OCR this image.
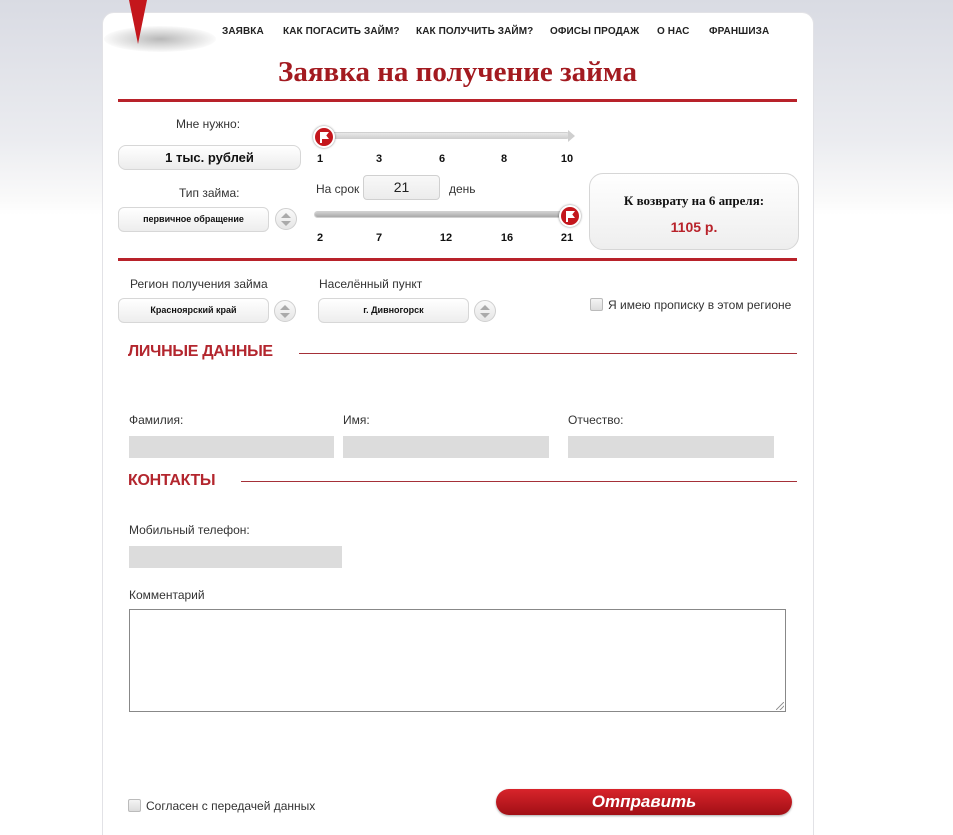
ЗАЯВКА КАК ПОГАСИТЬ ЗАЙМ? КАК ПОЛУЧИТЬ ЗАЙМ? ОФИСЫ ПРОДАЖ О НАС ФРАНШИЗА
Заявка на получение займа
Мне нужно:
1 тыс. рублей	1	3	6	8	10
Тип займа:
первичное обращение
На срок	21	день
2	7	12	16	21
К возврату на 6 апреля:
1105 р.
Регион получения займа
Красноярский край
Населённый пункт
г. Дивногорск	Я имею прописку в этом регионе
ЛИЧНЫЕ ДАННЫЕ
Фамилия:	Имя:	Отчество:
КОНТАКТЫ
Мобильный телефон:
Комментарий
Согласен с передачей данных	Отправить
